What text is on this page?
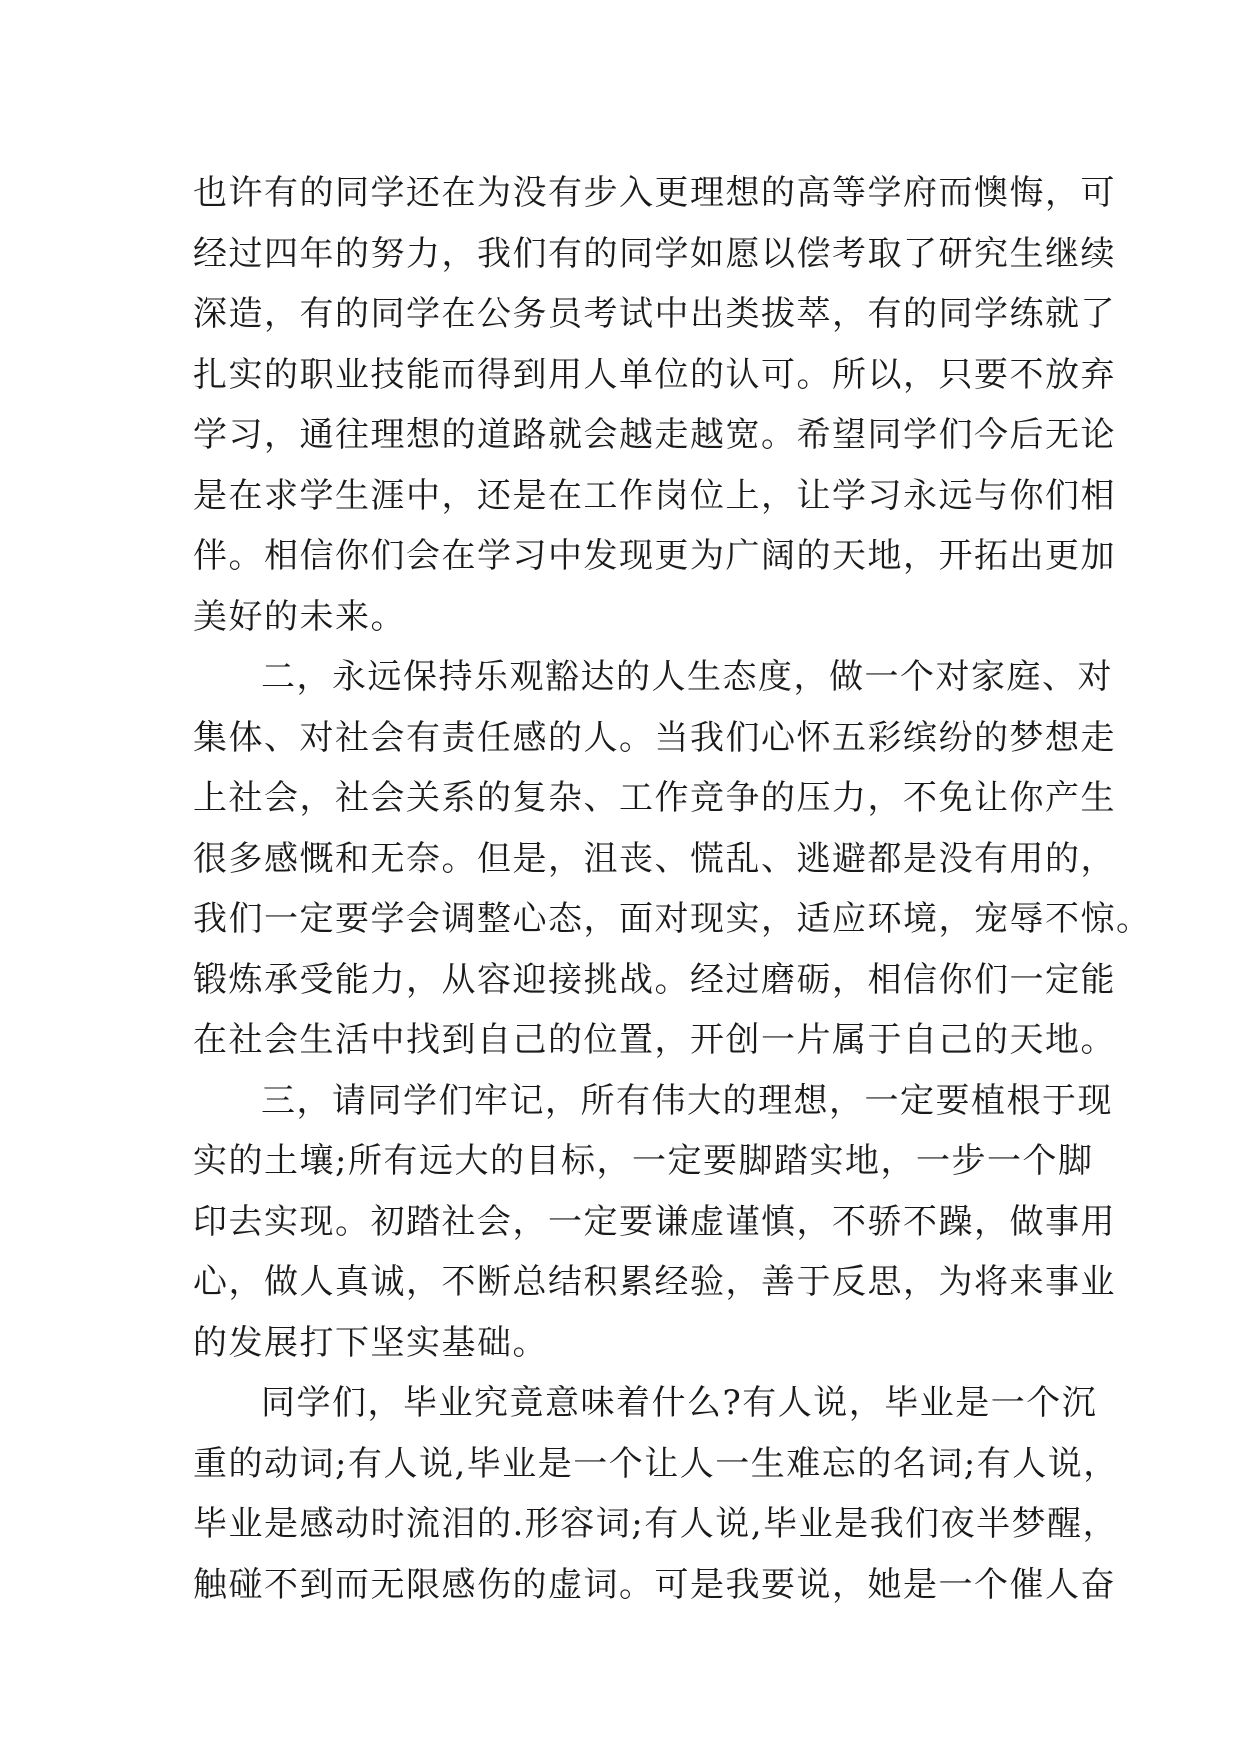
也许有的同学还在为没有步入更理想的高等学府而懊悔，可
经过四年的努力，我们有的同学如愿以偿考取了研究生继续
深造，有的同学在公务员考试中出类拔萃，有的同学练就了
扎实的职业技能而得到用人单位的认可。所以，只要不放弃
学习，通往理想的道路就会越走越宽。希望同学们今后无论
是在求学生涯中，还是在工作岗位上，让学习永远与你们相
伴。相信你们会在学习中发现更为广阔的天地，开拓出更加
美好的未来。
二，永远保持乐观豁达的人生态度，做一个对家庭、对
集体、对社会有责任感的人。当我们心怀五彩缤纷的梦想走
上社会，社会关系的复杂、工作竞争的压力，不免让你产生
很多感慨和无奈。但是，沮丧、慌乱、逃避都是没有用的，
我们一定要学会调整心态，面对现实，适应环境，宠辱不惊。
锻炼承受能力，从容迎接挑战。经过磨砺，相信你们一定能
在社会生活中找到自己的位置，开创一片属于自己的天地。
三，请同学们牢记，所有伟大的理想，一定要植根于现
实的土壤;所有远大的目标，一定要脚踏实地，一步一个脚
印去实现。初踏社会，一定要谦虚谨慎，不骄不躁，做事用
心，做人真诚，不断总结积累经验，善于反思，为将来事业
的发展打下坚实基础。
同学们，毕业究竟意味着什么?有人说，毕业是一个沉
重的动词;有人说,毕业是一个让人一生难忘的名词;有人说，
毕业是感动时流泪的.形容词;有人说,毕业是我们夜半梦醒，
触碰不到而无限感伤的虚词。可是我要说，她是一个催人奋
